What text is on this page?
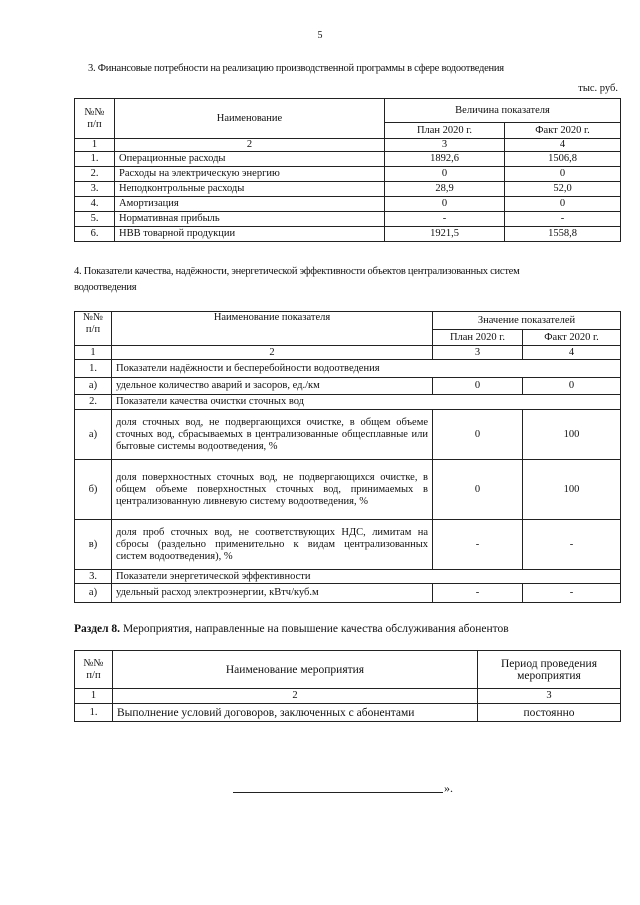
5
3. Финансовые потребности на реализацию производственной программы в сфере водоотведения
тыс. руб.
№№ п/п	Наименование	Величина показателя	
		План 2020 г.	Факт 2020 г.
1	2	3	4
1.	Операционные расходы	1892,6	1506,8
2.	Расходы на электрическую энергию	0	0
3.	Неподконтрольные расходы	28,9	52,0
4.	Амортизация	0	0
5.	Нормативная прибыль	-	-
6.	НВВ товарной продукции	1921,5	1558,8
4. Показатели качества, надёжности, энергетической эффективности объектов централизованных систем
водоотведения
№№ п/п	Наименование показателя	Значение показателей	
		План 2020 г.	Факт 2020 г.
1	2	3	4
1.	Показатели надёжности и бесперебойности водоотведения		
а)	удельное количество аварий и засоров, ед./км	0	0
2.	Показатели качества очистки сточных вод		
а)	доля сточных вод, не подвергающихся очистке, в общем объеме сточных вод, сбрасываемых в централизованные общесплавные или бытовые системы водоотведения, %	0	100
б)	доля поверхностных сточных вод, не подвергающихся очистке, в общем объеме поверхностных сточных вод, принимаемых в централизованную ливневую систему водоотведения, %	0	100
в)	доля проб сточных вод, не соответствующих НДС, лимитам на сбросы (раздельно применительно к видам централизованных систем водоотведения), %	-	-
3.	Показатели энергетической эффективности		
а)	удельный расход электроэнергии, кВтч/куб.м	-	-
Раздел 8. Мероприятия, направленные на повышение качества обслуживания абонентов
№№ п/п	Наименование мероприятия	Период проведения мероприятия
1	2	3
1.	Выполнение условий договоров, заключенных с абонентами	постоянно
».
